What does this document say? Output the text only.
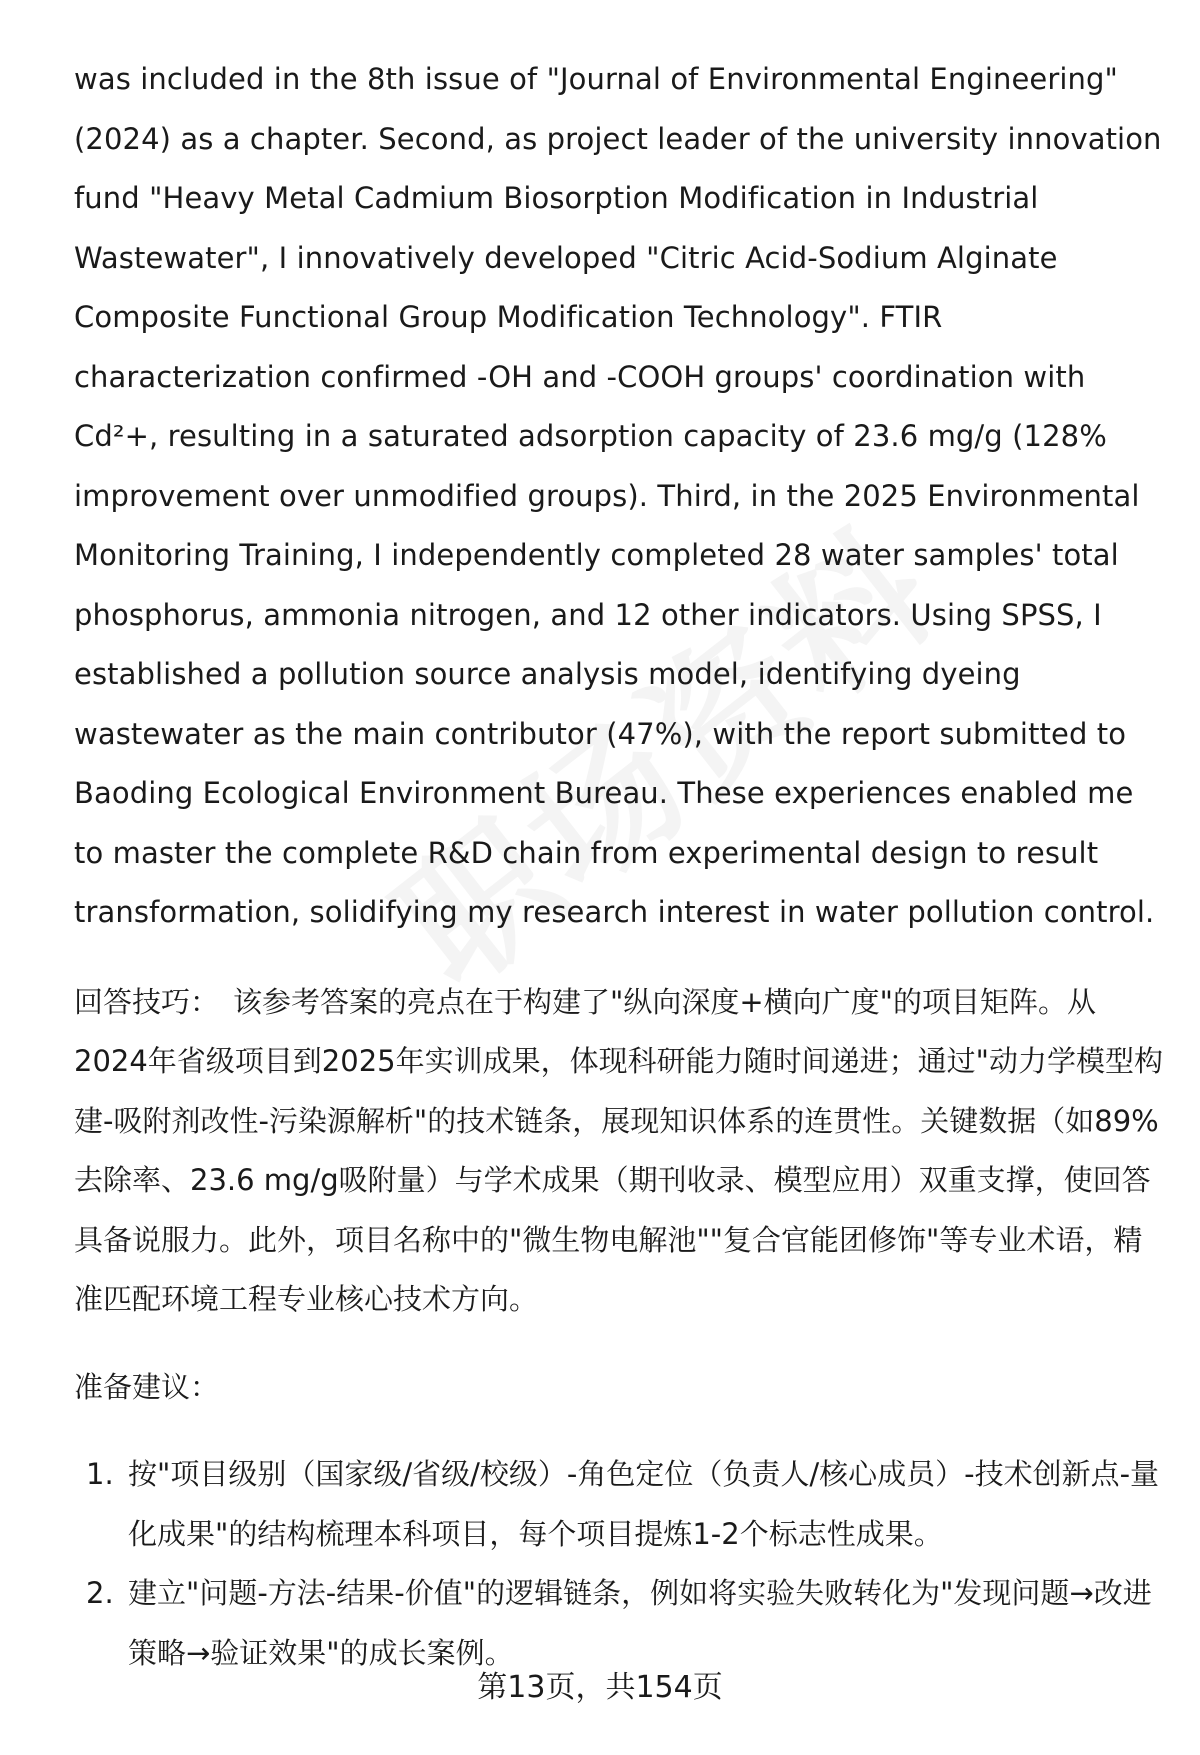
was included in the 8th issue of "Journal of Environmental Engineering" (2024) as a chapter. Second, as project leader of the university innovation fund "Heavy Metal Cadmium Biosorption Modification in Industrial Wastewater", I innovatively developed "Citric Acid-Sodium Alginate Composite Functional Group Modification Technology". FTIR characterization confirmed -OH and -COOH groups' coordination with Cd²+, resulting in a saturated adsorption capacity of 23.6 mg/g (128% improvement over unmodified groups). Third, in the 2025 Environmental Monitoring Training, I independently completed 28 water samples' total phosphorus, ammonia nitrogen, and 12 other indicators. Using SPSS, I established a pollution source analysis model, identifying dyeing wastewater as the main contributor (47%), with the report submitted to Baoding Ecological Environment Bureau. These experiences enabled me to master the complete R&D chain from experimental design to result transformation, solidifying my research interest in water pollution control.

回答技巧： 该参考答案的亮点在于构建了"纵向深度+横向广度"的项目矩阵。从2024年省级项目到2025年实训成果，体现科研能力随时间递进；通过"动力学模型构建-吸附剂改性-污染源解析"的技术链条，展现知识体系的连贯性。关键数据（如89%去除率、23.6 mg/g吸附量）与学术成果（期刊收录、模型应用）双重支撑，使回答具备说服力。此外，项目名称中的"微生物电解池""复合官能团修饰"等专业术语，精准匹配环境工程专业核心技术方向。

准备建议：

1. 按"项目级别（国家级/省级/校级）-角色定位（负责人/核心成员）-技术创新点-量化成果"的结构梳理本科项目，每个项目提炼1-2个标志性成果。
2. 建立"问题-方法-结果-价值"的逻辑链条，例如将实验失败转化为"发现问题→改进策略→验证效果"的成长案例。
第13页，共154页
